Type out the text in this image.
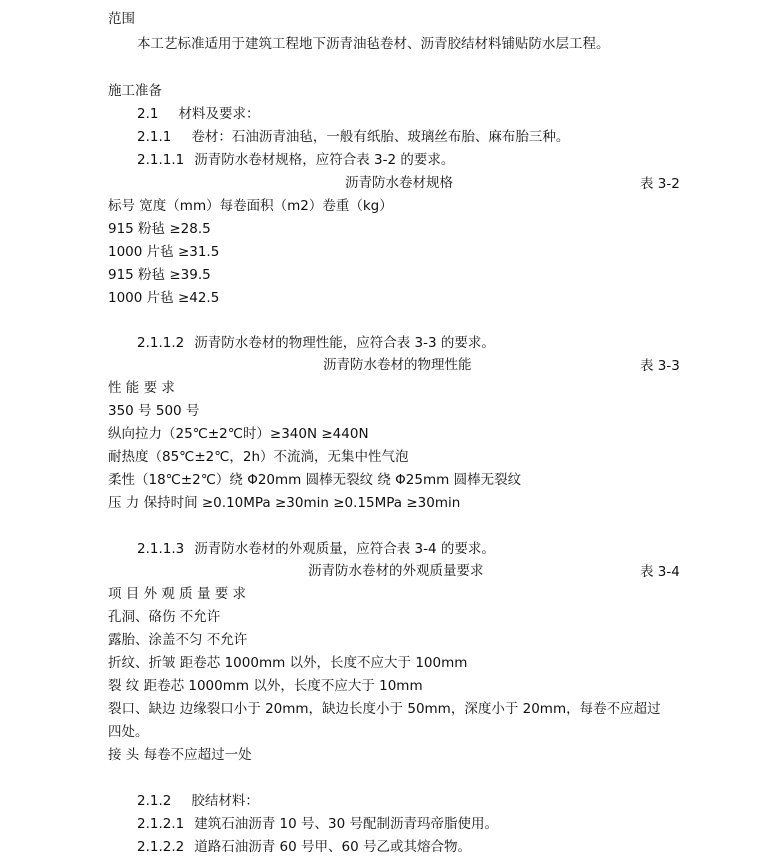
范围
本工艺标准适用于建筑工程地下沥青油毡卷材、沥青胶结材料铺贴防水层工程。
施工准备
2.1 材料及要求：
2.1.1 卷材：石油沥青油毡，一般有纸胎、玻璃丝布胎、麻布胎三种。
2.1.1.1 沥青防水卷材规格，应符合表 3-2 的要求。
沥青防水卷材规格	表 3-2
标号 宽度（mm）每卷面积（m2）卷重（kg）
915 粉毡 ≥28.5
1000 片毡 ≥31.5
915 粉毡 ≥39.5
1000 片毡 ≥42.5
2.1.1.2 沥青防水卷材的物理性能，应符合表 3-3 的要求。
沥青防水卷材的物理性能	表 3-3
性 能 要 求
350 号 500 号
纵向拉力（25℃±2℃时）≥340N ≥440N
耐热度（85℃±2℃，2h）不流淌，无集中性气泡
柔性（18℃±2℃）绕 Φ20mm 圆棒无裂纹 绕 Φ25mm 圆棒无裂纹
压 力 保持时间 ≥0.10MPa ≥30min ≥0.15MPa ≥30min
2.1.1.3 沥青防水卷材的外观质量，应符合表 3-4 的要求。
沥青防水卷材的外观质量要求	表 3-4
项 目 外 观 质 量 要 求
孔洞、硌伤 不允许
露胎、涂盖不匀 不允许
折纹、折皱 距卷芯 1000mm 以外，长度不应大于 100mm
裂 纹 距卷芯 1000mm 以外，长度不应大于 10mm
裂口、缺边 边缘裂口小于 20mm，缺边长度小于 50mm，深度小于 20mm，每卷不应超过
四处。
接 头 每卷不应超过一处
2.1.2 胶结材料：
2.1.2.1 建筑石油沥青 10 号、30 号配制沥青玛帝脂使用。
2.1.2.2 道路石油沥青 60 号甲、60 号乙或其熔合物。
